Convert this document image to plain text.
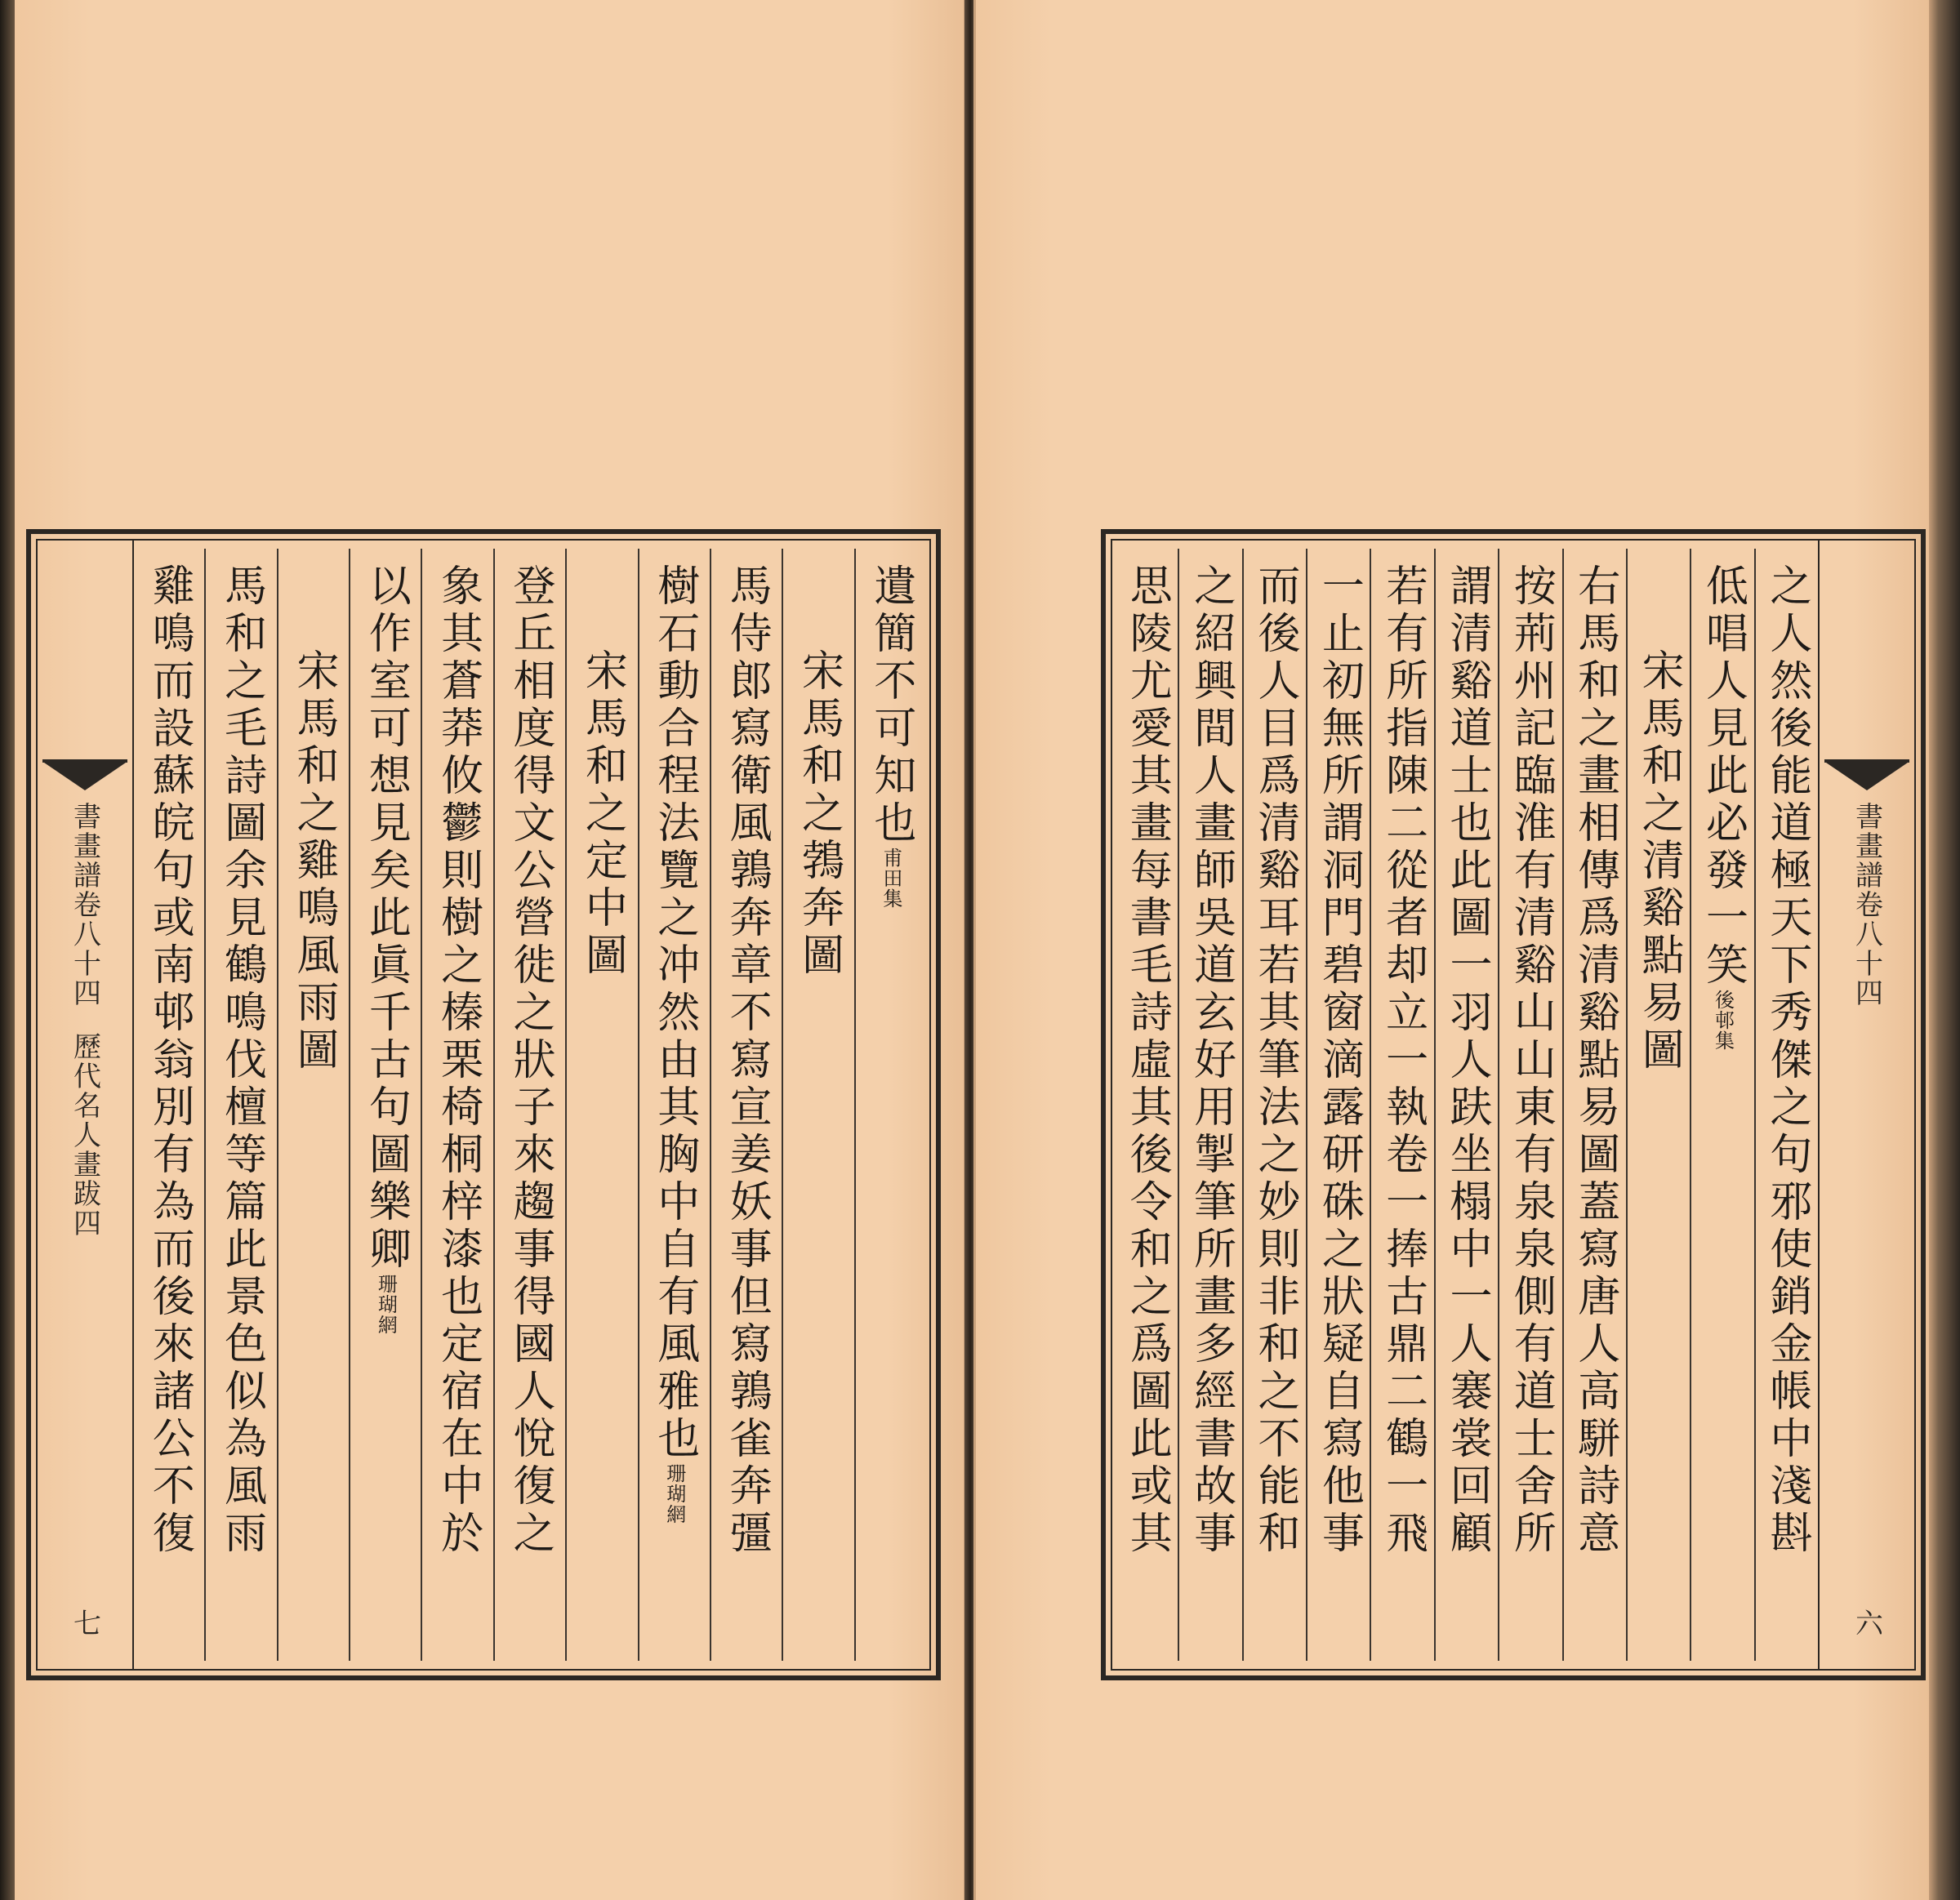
書畫譜卷八十四
歷代名人畫跋四
七
遺簡不可知也
甫田集
宋馬和之鵓奔圖
馬侍郎寫衛風鶉奔章不寫宣姜妖事但寫鶉雀奔彊
樹石動合程法覽之冲然由其胸中自有風雅也
珊瑚網
宋馬和之定中圖
登丘相度得文公營徙之狀子來趨事得國人悅復之
象其蒼莽攸鬱則樹之榛栗椅桐梓漆也定宿在中於
以作室可想見矣此眞千古句圖樂卿
珊瑚網
宋馬和之雞鳴風雨圖
馬和之毛詩圖余見鶴鳴伐檀等篇此景色似為風雨
雞鳴而設蘇皖句或南邨翁別有為而後來諸公不復	書畫譜卷八十四
六
之人然後能道極天下秀傑之句邪使銷金帳中淺斟
低唱人見此必發一笑
後邨集
宋馬和之清谿點易圖
右馬和之畫相傳爲清谿點易圖蓋寫唐人高駢詩意
按荊州記臨淮有清谿山山東有泉泉側有道士舍所
謂清谿道士也此圖一羽人趺坐榻中一人褰裳回顧
若有所指陳二從者却立一執卷一捧古鼎二鶴一飛
一止初無所謂洞門碧窗滴露研硃之狀疑自寫他事
而後人目爲清谿耳若其筆法之妙則非和之不能和
之紹興間人畫師吳道玄好用掣筆所畫多經書故事
思陵尤愛其畫每書毛詩虛其後令和之爲圖此或其
